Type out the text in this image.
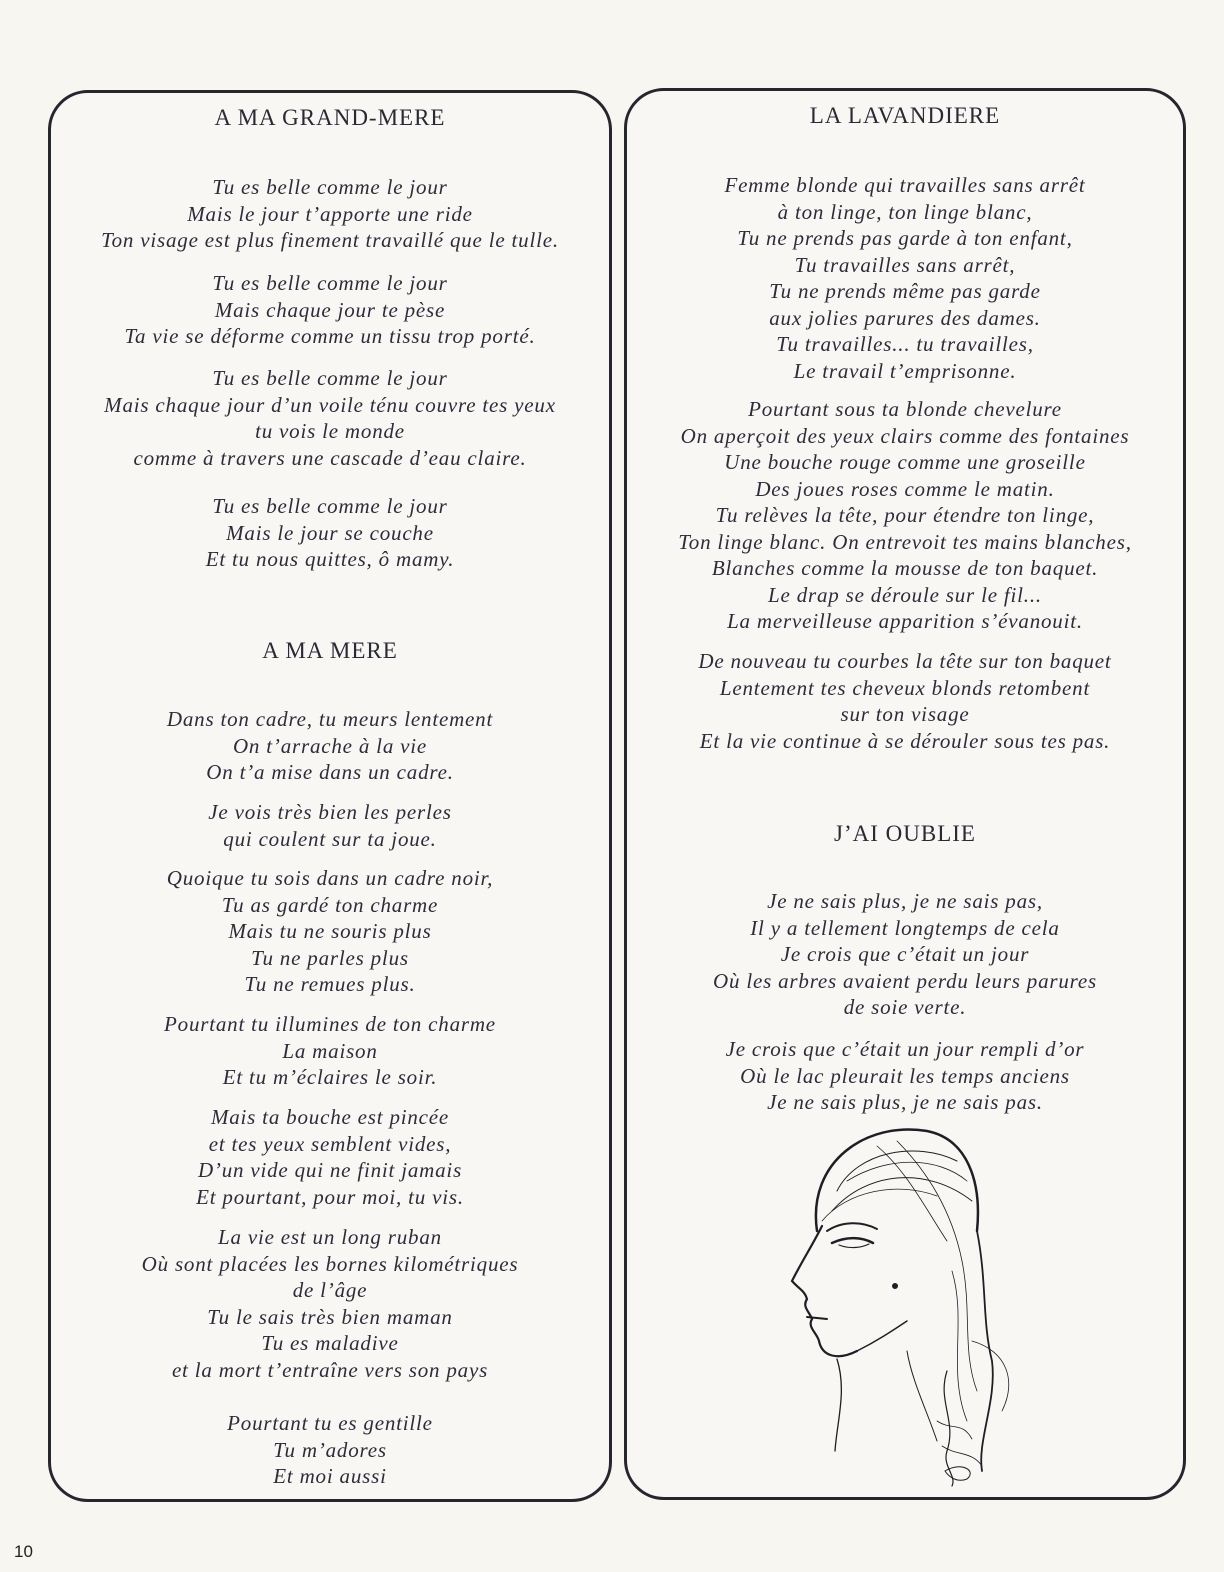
A MA GRAND-MERE
Tu es belle comme le jour
Mais le jour t’apporte une ride
Ton visage est plus finement travaillé que le tulle.
Tu es belle comme le jour
Mais chaque jour te pèse
Ta vie se déforme comme un tissu trop porté.
Tu es belle comme le jour
Mais chaque jour d’un voile ténu couvre tes yeux
tu vois le monde
comme à travers une cascade d’eau claire.
Tu es belle comme le jour
Mais le jour se couche
Et tu nous quittes, ô mamy.
A MA MERE
Dans ton cadre, tu meurs lentement
On t’arrache à la vie
On t’a mise dans un cadre.
Je vois très bien les perles
qui coulent sur ta joue.
Quoique tu sois dans un cadre noir,
Tu as gardé ton charme
Mais tu ne souris plus
Tu ne parles plus
Tu ne remues plus.
Pourtant tu illumines de ton charme
La maison
Et tu m’éclaires le soir.
Mais ta bouche est pincée
et tes yeux semblent vides,
D’un vide qui ne finit jamais
Et pourtant, pour moi, tu vis.
La vie est un long ruban
Où sont placées les bornes kilométriques
de l’âge
Tu le sais très bien maman
Tu es maladive
et la mort t’entraîne vers son pays
Pourtant tu es gentille
Tu m’adores
Et moi aussi
LA LAVANDIERE
Femme blonde qui travailles sans arrêt
à ton linge, ton linge blanc,
Tu ne prends pas garde à ton enfant,
Tu travailles sans arrêt,
Tu ne prends même pas garde
aux jolies parures des dames.
Tu travailles... tu travailles,
Le travail t’emprisonne.
Pourtant sous ta blonde chevelure
On aperçoit des yeux clairs comme des fontaines
Une bouche rouge comme une groseille
Des joues roses comme le matin.
Tu relèves la tête, pour étendre ton linge,
Ton linge blanc. On entrevoit tes mains blanches,
Blanches comme la mousse de ton baquet.
Le drap se déroule sur le fil...
La merveilleuse apparition s’évanouit.
De nouveau tu courbes la tête sur ton baquet
Lentement tes cheveux blonds retombent
sur ton visage
Et la vie continue à se dérouler sous tes pas.
J’AI OUBLIE
Je ne sais plus, je ne sais pas,
Il y a tellement longtemps de cela
Je crois que c’était un jour
Où les arbres avaient perdu leurs parures
de soie verte.
Je crois que c’était un jour rempli d’or
Où le lac pleurait les temps anciens
Je ne sais plus, je ne sais pas.
10
